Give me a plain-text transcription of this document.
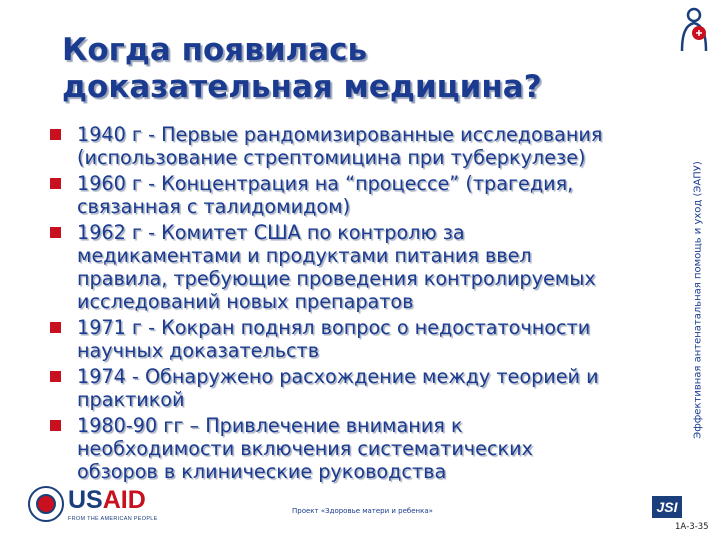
Когда появилась
доказательная медицина?
1940 г - Первые рандомизированные исследования
(использование стрептомицина при туберкулезе)
1960 г - Концентрация на “процессе” (трагедия,
связанная с талидомидом)
1962 г - Комитет США по контролю за
медикаментами и продуктами питания ввел
правила, требующие проведения контролируемых
исследований новых препаратов
1971 г - Кокран поднял вопрос о недостаточности
научных доказательств
1974 - Обнаружено расхождение между теорией и
практикой
1980-90 гг – Привлечение внимания к
необходимости включения систематических
обзоров в клинические руководства
Эффективная антенатальная помощь и уход (ЭАПУ)
USAID
FROM THE AMERICAN PEOPLE
Проект «Здоровье матери и ребенка»	JSI
1А-3-35
